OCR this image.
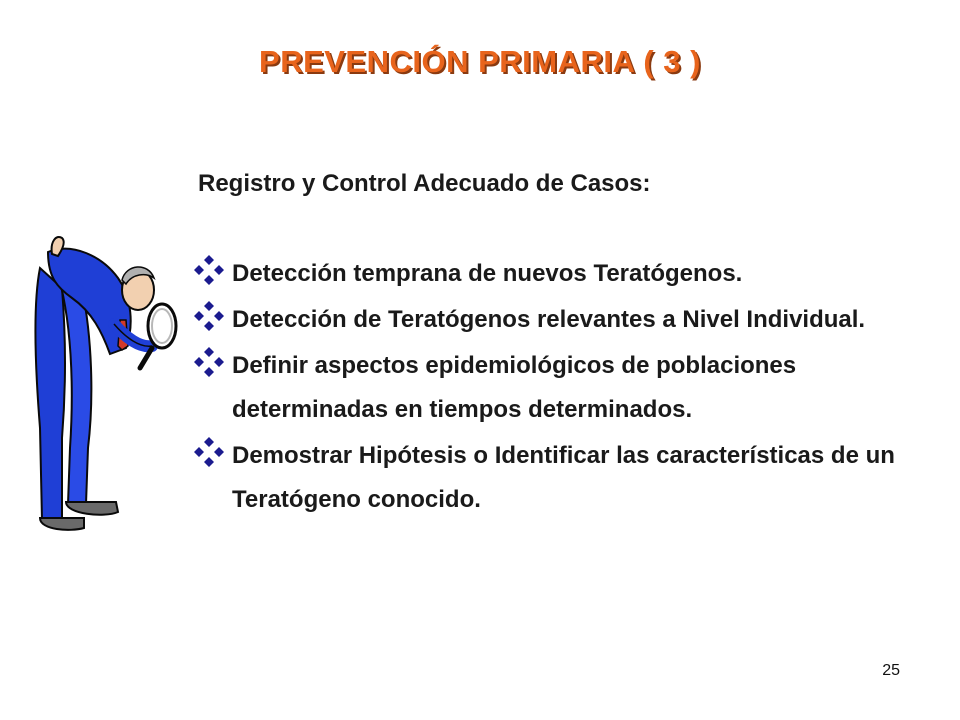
PREVENCIÓN PRIMARIA ( 3 )
Registro y Control Adecuado de Casos:
Detección temprana de nuevos Teratógenos.
Detección de Teratógenos relevantes a Nivel Individual.
Definir aspectos epidemiológicos de poblaciones determinadas en tiempos determinados.
Demostrar Hipótesis o Identificar las características de un Teratógeno conocido.
25
